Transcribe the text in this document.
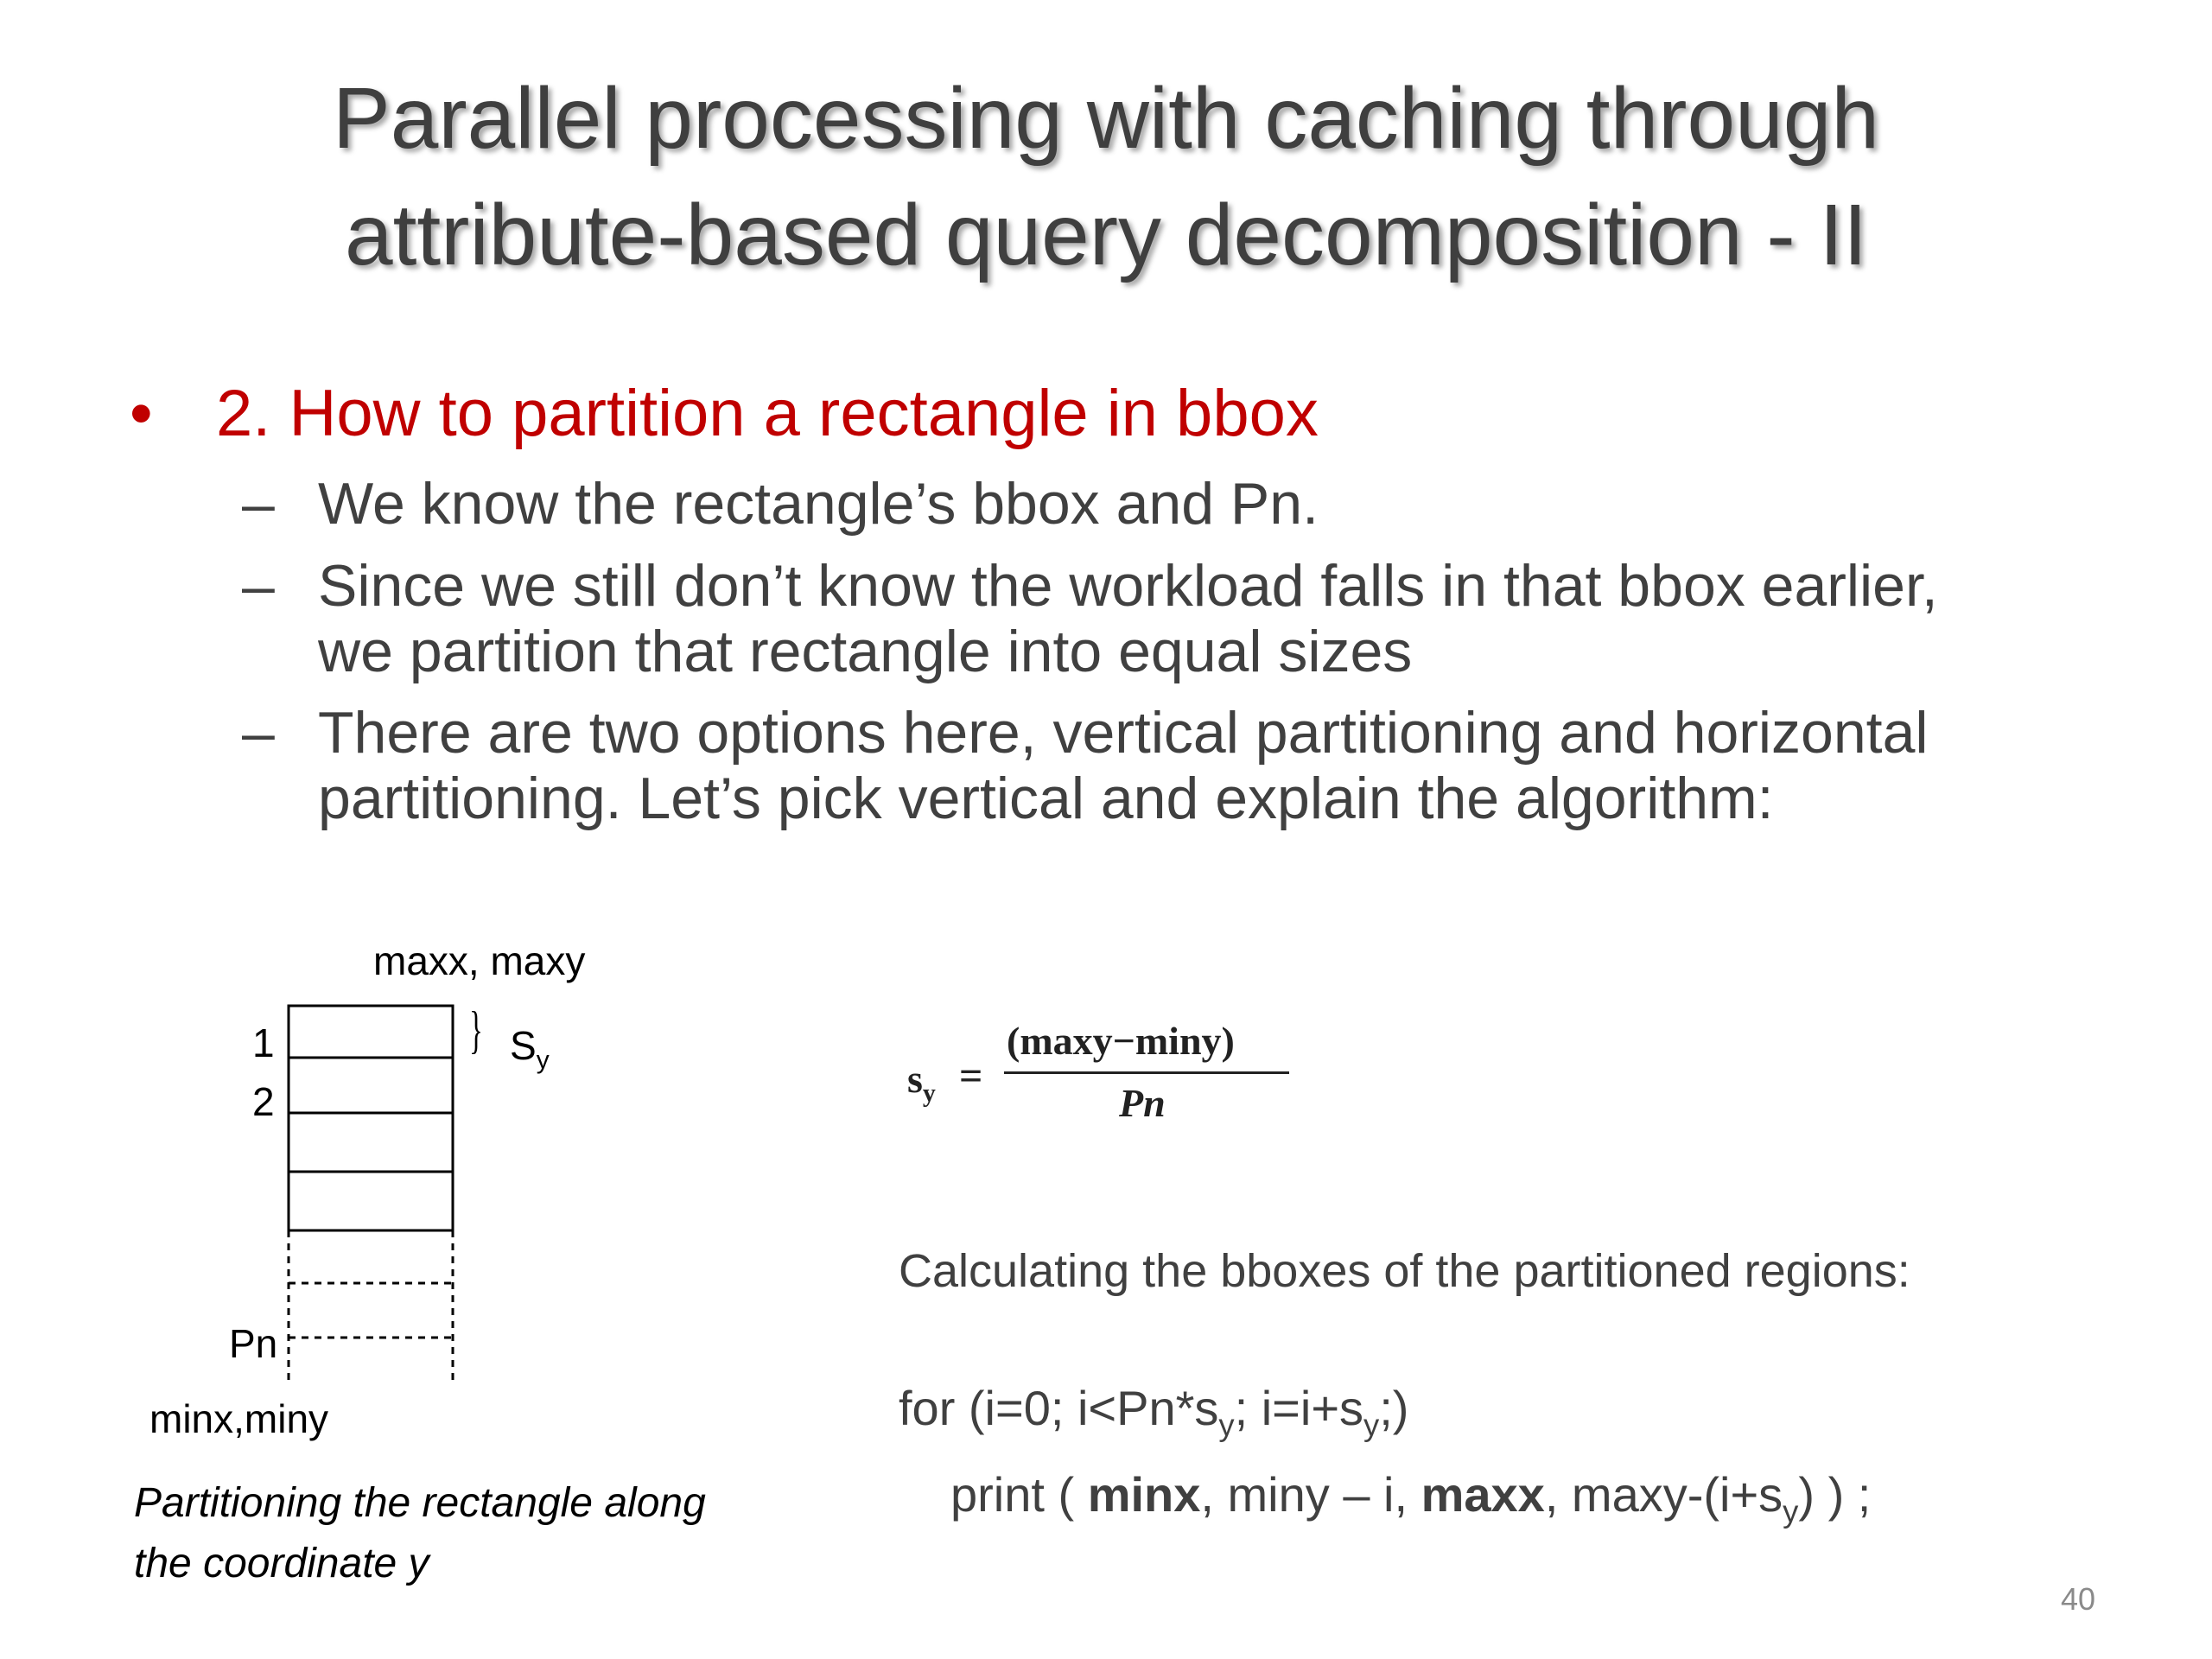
Parallel processing with caching through
attribute-based query decomposition - II
• 2. How to partition a rectangle in bbox
– We know the rectangle’s bbox and Pn.
– Since we still don’t know the workload falls in that bbox earlier,
we partition that rectangle into equal sizes
– There are two options here, vertical partitioning and horizontal
partitioning. Let’s pick vertical and explain the algorithm:
maxx, maxy
1
2
Pn
minx,miny
} $S_y$
Partitioning the rectangle along
the coordinate y
$s_y$ =
(maxy−miny)
Pn
Calculating the bboxes of the partitioned regions:
for (i=0; $i<Pn*s_y$; $i=i+s_y$;)
print ( minx, miny – i, maxx, maxy-$(i+s_y)$ ) ;
40
